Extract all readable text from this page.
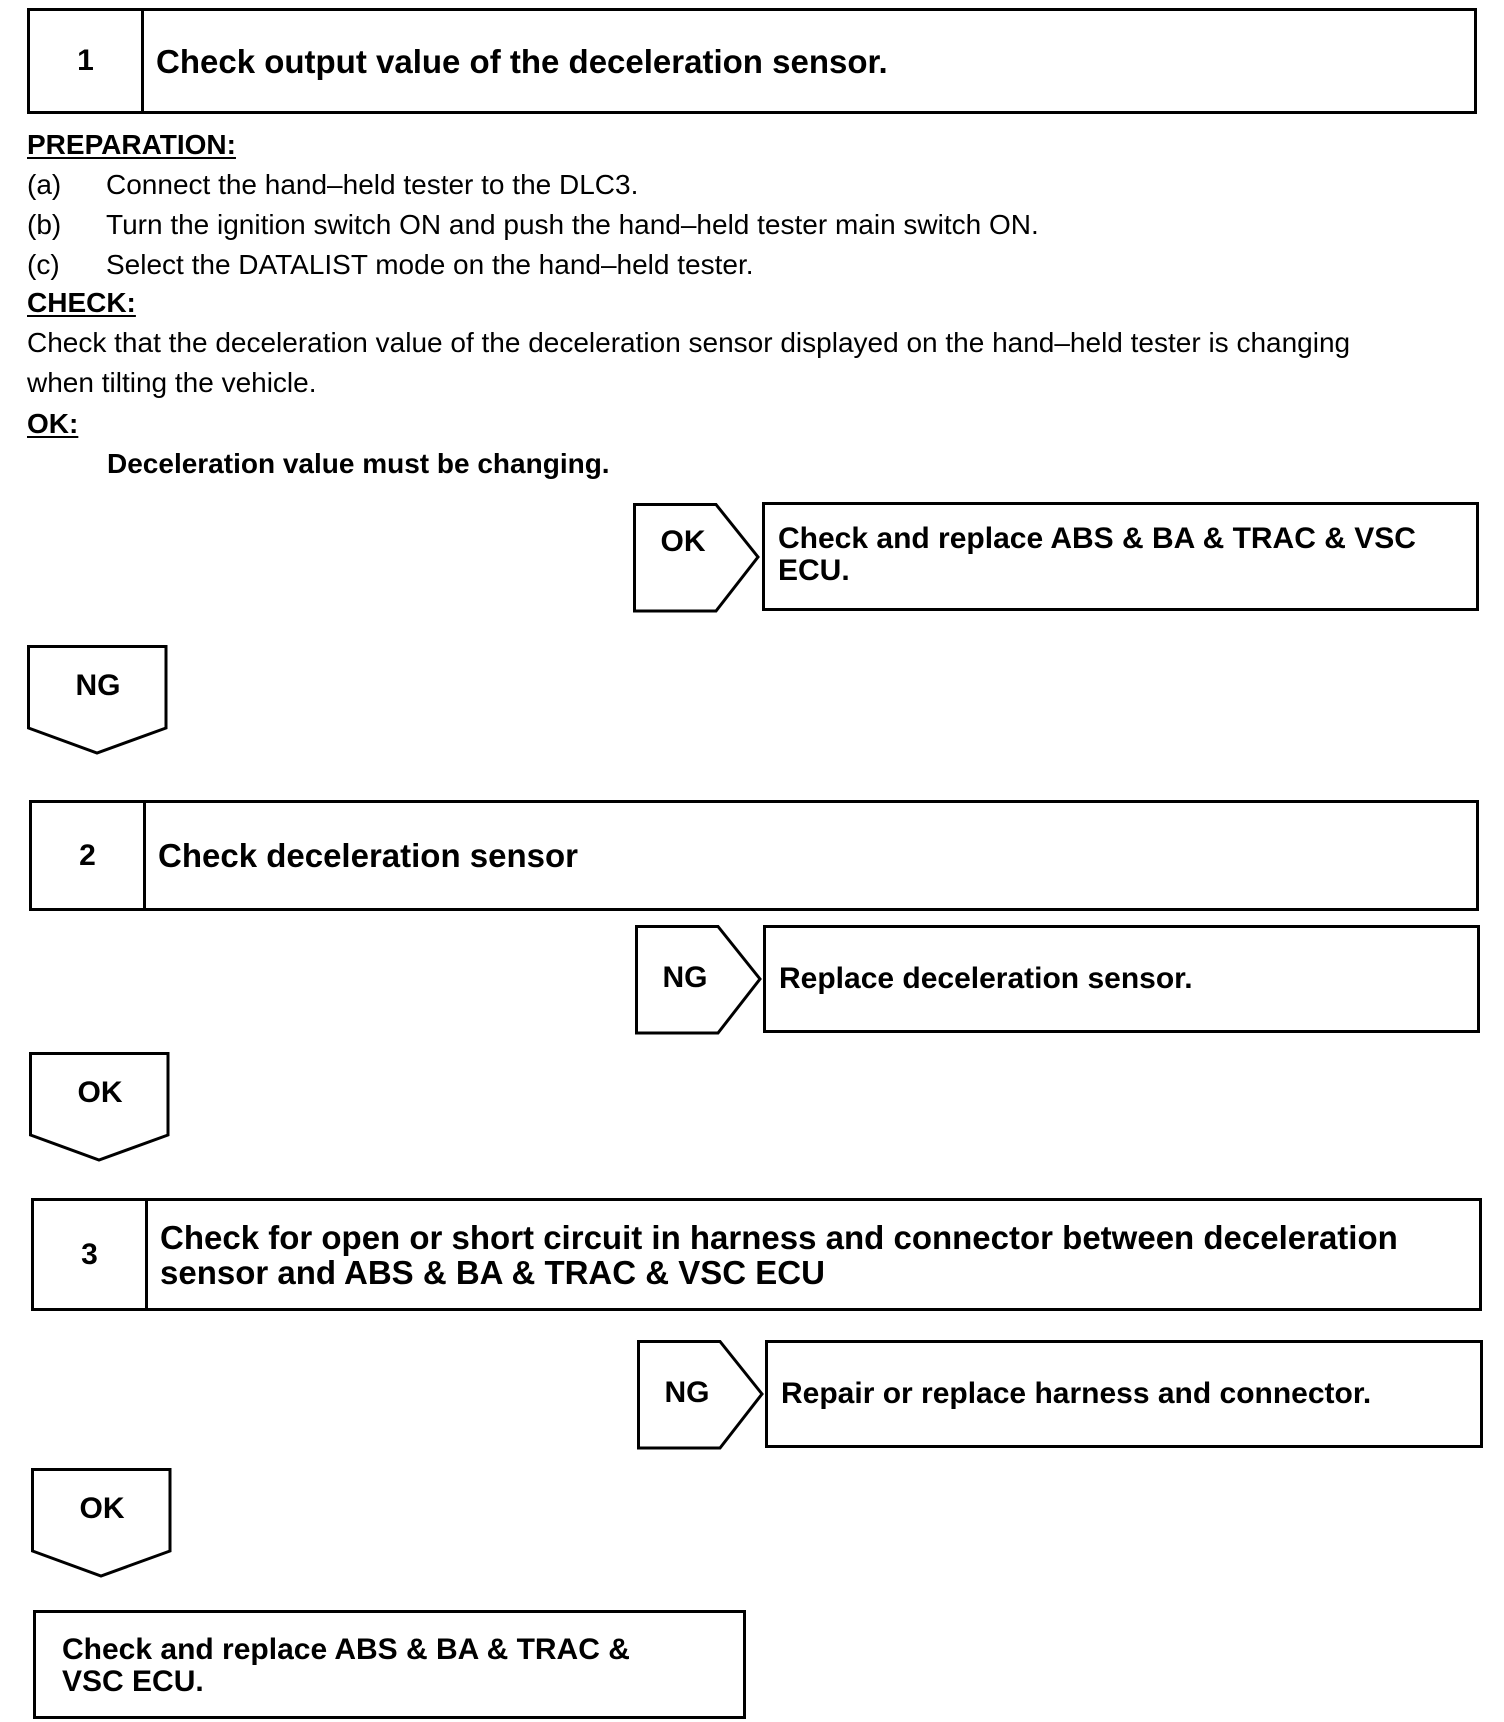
1	Check output value of the deceleration sensor.
PREPARATION:
(a) Connect the hand–held tester to the DLC3.
(b) Turn the ignition switch ON and push the hand–held tester main switch ON.
(c) Select the DATALIST mode on the hand–held tester.
CHECK:
Check that the deceleration value of the deceleration sensor displayed on the hand–held tester is changing
when tilting the vehicle.
OK:
Deceleration value must be changing.
OK	Check and replace ABS & BA & TRAC & VSC ECU.
NG
2	Check deceleration sensor
NG	Replace deceleration sensor.
OK
3	Check for open or short circuit in harness and connector between deceleration sensor and ABS & BA & TRAC & VSC ECU
NG	Repair or replace harness and connector.
OK
Check and replace ABS & BA & TRAC & VSC ECU.
